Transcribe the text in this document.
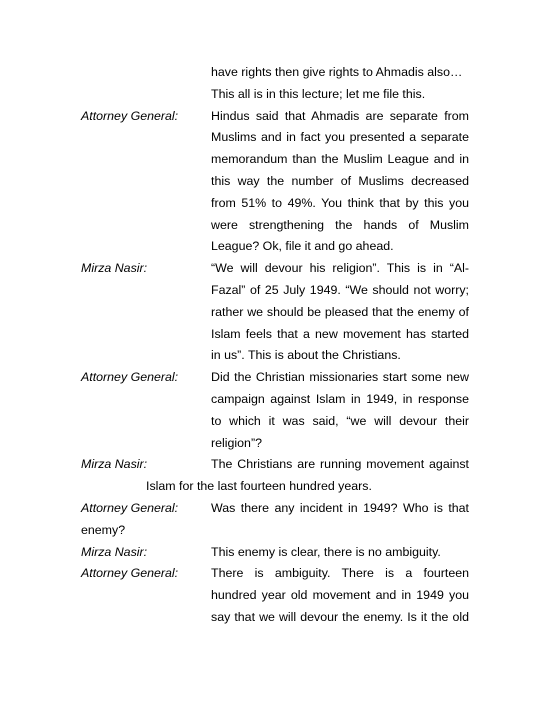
have rights then give rights to Ahmadis also…
This all is in this lecture; let me file this.
Attorney General:	Hindus said that Ahmadis are separate from
Muslims and in fact you presented a separate
memorandum than the Muslim League and in
this way the number of Muslims decreased
from 51% to 49%. You think that by this you
were strengthening the hands of Muslim
League? Ok, file it and go ahead.
Mirza Nasir:	“We will devour his religion”. This is in “Al-
Fazal” of 25 July 1949. “We should not worry;
rather we should be pleased that the enemy of
Islam feels that a new movement has started
in us”. This is about the Christians.
Attorney General:	Did the Christian missionaries start some new
campaign against Islam in 1949, in response
to which it was said, “we will devour their
religion”?
Mirza Nasir:	The Christians are running movement against
Islam for the last fourteen hundred years.
Attorney General:	Was there any incident in 1949? Who is that
enemy?
Mirza Nasir:	This enemy is clear, there is no ambiguity.
Attorney General:	There is ambiguity. There is a fourteen
hundred year old movement and in 1949 you
say that we will devour the enemy. Is it the old
